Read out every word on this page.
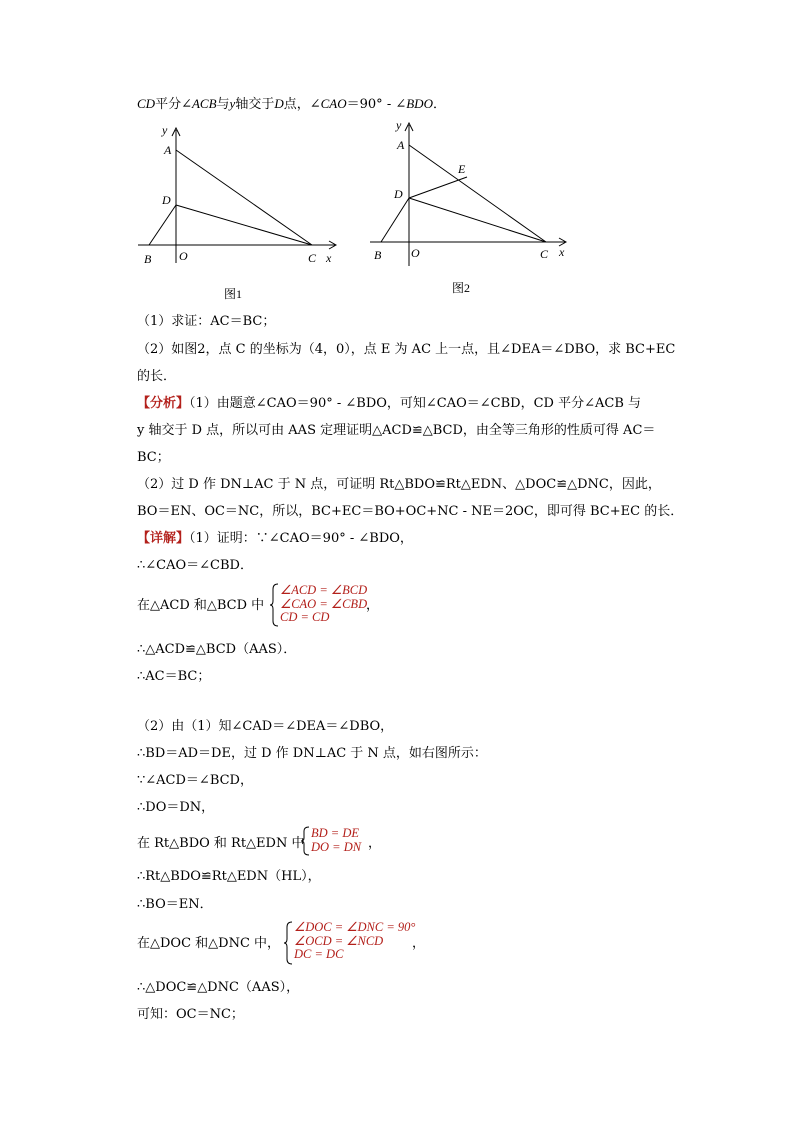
CD平分∠ACB与y轴交于D点，∠CAO＝90° - ∠BDO．
y
A
D
B O	C x
图1
y
A
E
D
B O	C x
图2
（1）求证：AC＝BC；
（2）如图2，点 C 的坐标为（4，0），点 E 为 AC 上一点，且∠DEA＝∠DBO，求 BC+EC
的长．
【分析】（1）由题意∠CAO＝90° - ∠BDO，可知∠CAO＝∠CBD，CD 平分∠ACB 与
y 轴交于 D 点，所以可由 AAS 定理证明△ACD≌△BCD，由全等三角形的性质可得 AC＝
BC；
（2）过 D 作 DN⊥AC 于 N 点，可证明 Rt△BDO≌Rt△EDN、△DOC≌△DNC，因此，
BO＝EN、OC＝NC，所以，BC+EC＝BO+OC+NC - NE＝2OC，即可得 BC+EC 的长．
【详解】（1）证明：∵∠CAO＝90° - ∠BDO，
∴∠CAO＝∠CBD．
在△ACD 和△BCD 中
∠ACD = ∠BCD
∠CAO = ∠CBD
CD = CD
，
∴△ACD≌△BCD（AAS）．
∴AC＝BC；
（2）由（1）知∠CAD＝∠DEA＝∠DBO，
∴BD＝AD＝DE，过 D 作 DN⊥AC 于 N 点，如右图所示：
∵∠ACD＝∠BCD，
∴DO＝DN，
在 Rt△BDO 和 Rt△EDN 中
BD = DE
DO = DN ，
∴Rt△BDO≌Rt△EDN（HL），
∴BO＝EN．
在△DOC 和△DNC 中，
∠DOC = ∠DNC = 90°
∠OCD = ∠NCD
DC = DC
，
∴△DOC≌△DNC（AAS），
可知：OC＝NC；
